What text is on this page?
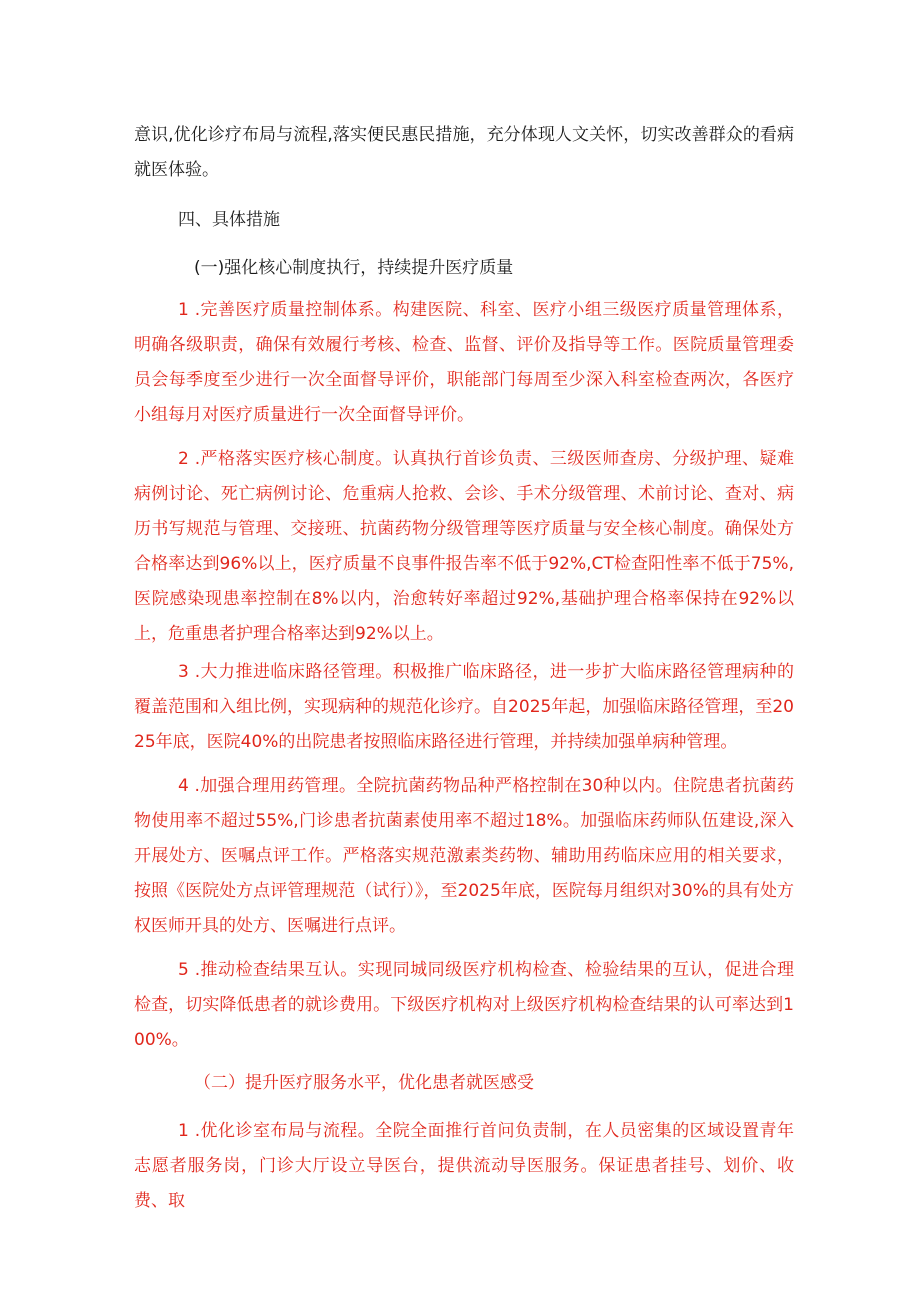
意识,优化诊疗布局与流程,落实便民惠民措施，充分体现人文关怀，切实改善群众的看病就医体验。

四、具体措施

(一)强化核心制度执行，持续提升医疗质量

1 .完善医疗质量控制体系。构建医院、科室、医疗小组三级医疗质量管理体系，明确各级职责，确保有效履行考核、检查、监督、评价及指导等工作。医院质量管理委员会每季度至少进行一次全面督导评价，职能部门每周至少深入科室检查两次，各医疗小组每月对医疗质量进行一次全面督导评价。

2 .严格落实医疗核心制度。认真执行首诊负责、三级医师查房、分级护理、疑难病例讨论、死亡病例讨论、危重病人抢救、会诊、手术分级管理、术前讨论、查对、病历书写规范与管理、交接班、抗菌药物分级管理等医疗质量与安全核心制度。确保处方合格率达到96%以上，医疗质量不良事件报告率不低于92%,CT检查阳性率不低于75%,医院感染现患率控制在8%以内，治愈转好率超过92%,基础护理合格率保持在92%以上，危重患者护理合格率达到92%以上。

3 .大力推进临床路径管理。积极推广临床路径，进一步扩大临床路径管理病种的覆盖范围和入组比例，实现病种的规范化诊疗。自2025年起，加强临床路径管理，至2025年底，医院40%的出院患者按照临床路径进行管理，并持续加强单病种管理。

4 .加强合理用药管理。全院抗菌药物品种严格控制在30种以内。住院患者抗菌药物使用率不超过55%,门诊患者抗菌素使用率不超过18%。加强临床药师队伍建设,深入开展处方、医嘱点评工作。严格落实规范激素类药物、辅助用药临床应用的相关要求，按照《医院处方点评管理规范（试行）》，至2025年底，医院每月组织对30%的具有处方权医师开具的处方、医嘱进行点评。

5 .推动检查结果互认。实现同城同级医疗机构检查、检验结果的互认，促进合理检查，切实降低患者的就诊费用。下级医疗机构对上级医疗机构检查结果的认可率达到100%。

（二）提升医疗服务水平，优化患者就医感受

1 .优化诊室布局与流程。全院全面推行首问负责制，在人员密集的区域设置青年志愿者服务岗，门诊大厅设立导医台，提供流动导医服务。保证患者挂号、划价、收费、取
